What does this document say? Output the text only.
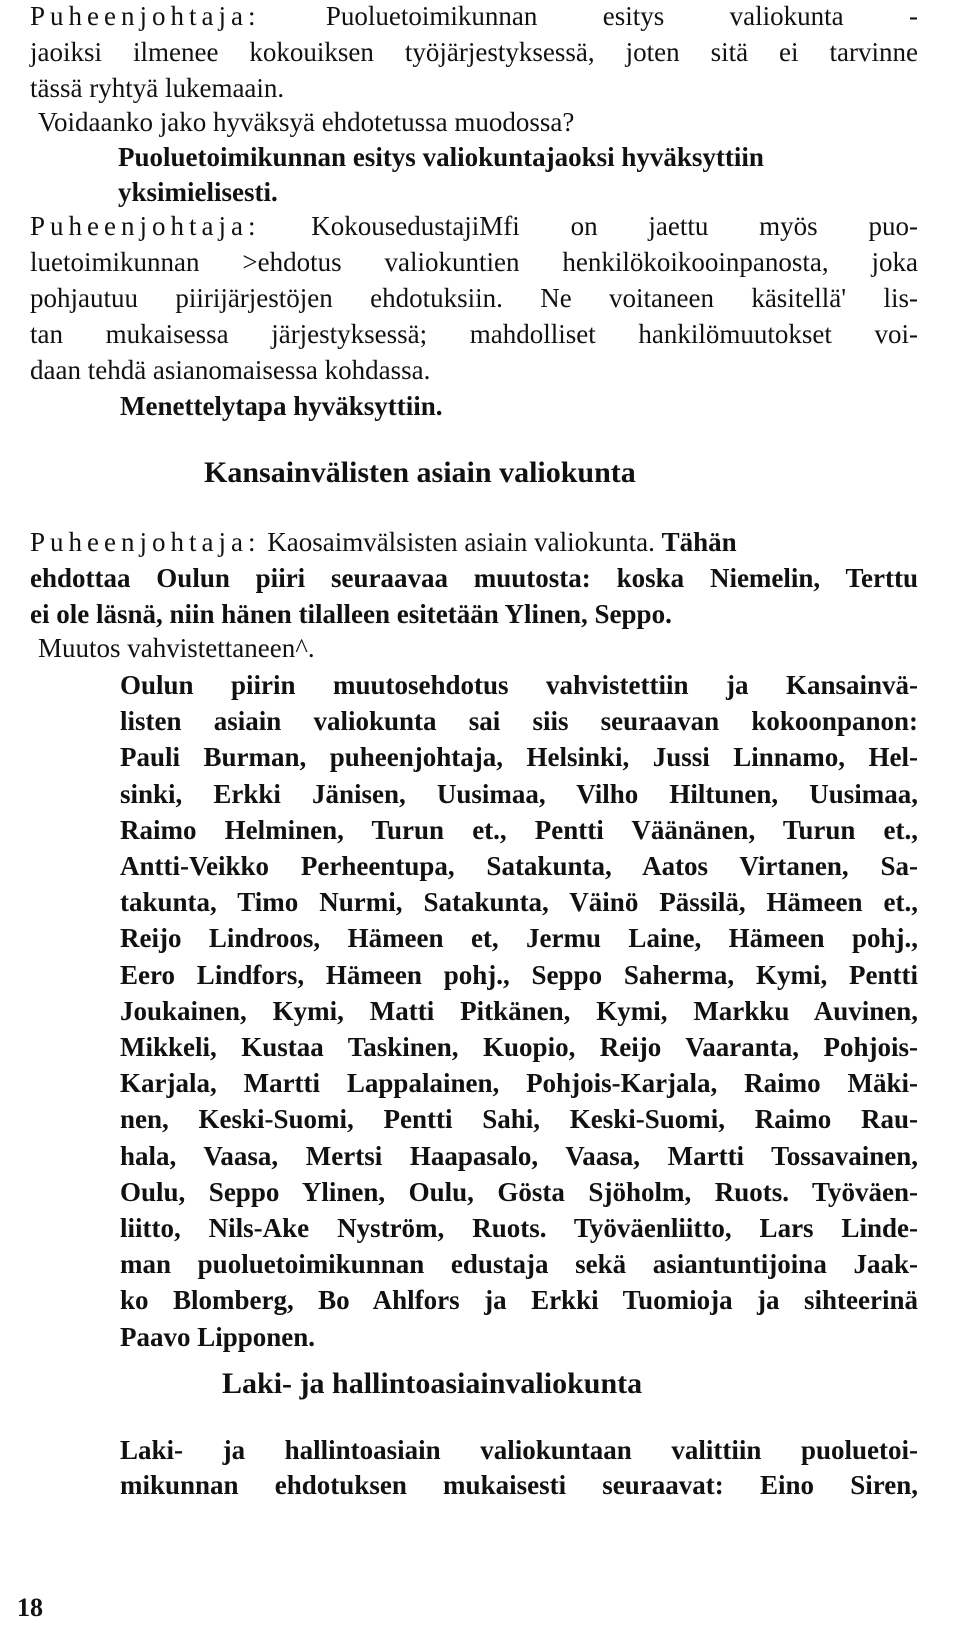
Puheenjohtaja: Puoluetoimikunnan esitys valiokunta -
jaoiksi ilmenee kokouiksen työjärjestyksessä, joten sitä ei tarvinne
tässä ryhtyä lukemaain.
Voidaanko jako hyväksyä ehdotetussa muodossa?
Puoluetoimikunnan esitys valiokuntajaoksi hyväksyttiin
yksimielisesti.
Puheenjohtaja: KokousedustajiMfi on jaettu myös puo-
luetoimikunnan >ehdotus valiokuntien henkilökoikooinpanosta, joka
pohjautuu piirijärjestöjen ehdotuksiin. Ne voitaneen käsitellä' lis-
tan mukaisessa järjestyksessä; mahdolliset hankilömuutokset voi-
daan tehdä asianomaisessa kohdassa.
Menettelytapa hyväksyttiin.
Kansainvälisten asiain valiokunta
Puheenjohtaja: Kaosaimvälsisten asiain valiokunta. Tähän
ehdottaa Oulun piiri seuraavaa muutosta: koska Niemelin, Terttu
ei ole läsnä, niin hänen tilalleen esitetään Ylinen, Seppo.
Muutos vahvistettaneen^.
Oulun piirin muutosehdotus vahvistettiin ja Kansainvä-
listen asiain valiokunta sai siis seuraavan kokoonpanon:
Pauli Burman, puheenjohtaja, Helsinki, Jussi Linnamo, Hel-
sinki, Erkki Jänisen, Uusimaa, Vilho Hiltunen, Uusimaa,
Raimo Helminen, Turun et., Pentti Väänänen, Turun et.,
Antti-Veikko Perheentupa, Satakunta, Aatos Virtanen, Sa-
takunta, Timo Nurmi, Satakunta, Väinö Pässilä, Hämeen et.,
Reijo Lindroos, Hämeen et, Jermu Laine, Hämeen pohj.,
Eero Lindfors, Hämeen pohj., Seppo Saherma, Kymi, Pentti
Joukainen, Kymi, Matti Pitkänen, Kymi, Markku Auvinen,
Mikkeli, Kustaa Taskinen, Kuopio, Reijo Vaaranta, Pohjois-
Karjala, Martti Lappalainen, Pohjois-Karjala, Raimo Mäki-
nen, Keski-Suomi, Pentti Sahi, Keski-Suomi, Raimo Rau-
hala, Vaasa, Mertsi Haapasalo, Vaasa, Martti Tossavainen,
Oulu, Seppo Ylinen, Oulu, Gösta Sjöholm, Ruots. Työväen-
liitto, Nils-Ake Nyström, Ruots. Työväenliitto, Lars Linde-
man puoluetoimikunnan edustaja sekä asiantuntijoina Jaak-
ko Blomberg, Bo Ahlfors ja Erkki Tuomioja ja sihteerinä
Paavo Lipponen.
Laki- ja hallintoasiainvaliokunta
Laki- ja hallintoasiain valiokuntaan valittiin puoluetoi-
mikunnan ehdotuksen mukaisesti seuraavat: Eino Siren,
18
